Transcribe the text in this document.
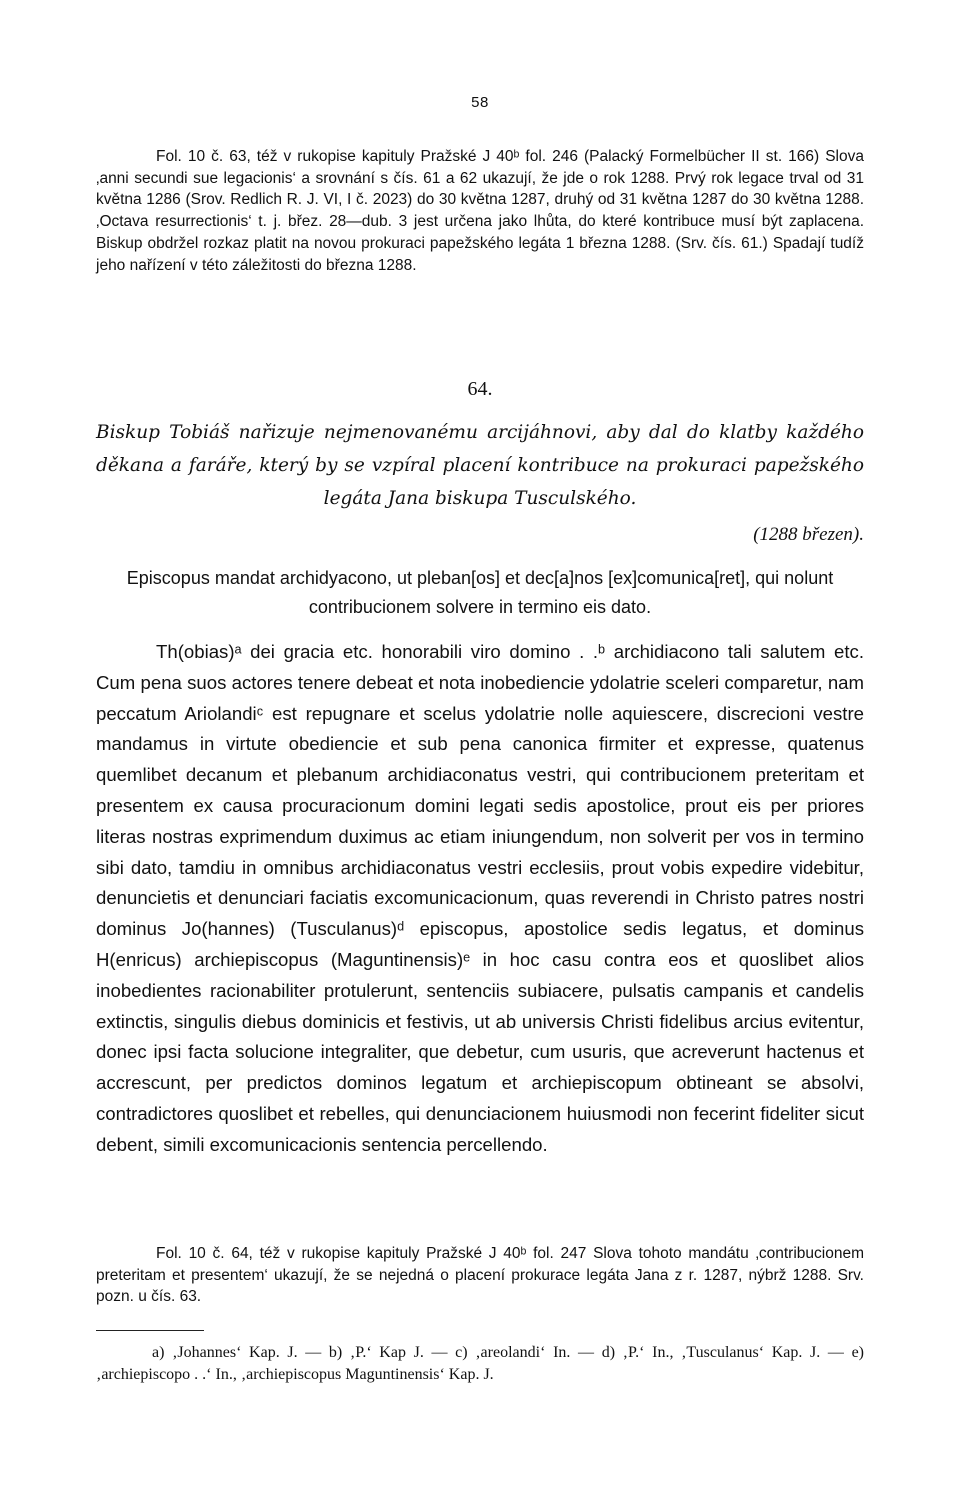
58

Fol. 10 č. 63, též v rukopise kapituly Pražské J 40ᵇ fol. 246 (Palacký Formelbücher II st. 166) Slova ‚anni secundi sue legacionis‘ a srovnání s čís. 61 a 62 ukazují, že jde o rok 1288. Prvý rok legace trval od 31 května 1286 (Srov. Redlich R. J. VI, I č. 2023) do 30 května 1287, druhý od 31 května 1287 do 30 května 1288. ‚Octava resurrectionis‘ t. j. břez. 28—dub. 3 jest určena jako lhůta, do které kontribuce musí být zaplacena. Biskup obdržel rozkaz platit na novou prokuraci papežského legáta 1 března 1288. (Srv. čís. 61.) Spadají tudíž jeho nařízení v této záležitosti do března 1288.

64.

Biskup Tobiáš nařizuje nejmenovanému arcijáhnovi, aby dal do klatby každého děkana a faráře, který by se vzpíral placení kontribuce na prokuraci papežského legáta Jana biskupa Tusculského.

(1288 březen).

Episcopus mandat archidyacono, ut pleban[os] et dec[a]nos [ex]comunica[ret], qui nolunt contribucionem solvere in termino eis dato.

Th(obias)ᵃ dei gracia etc. honorabili viro domino . .ᵇ archidiacono tali salutem etc. Cum pena suos actores tenere debeat et nota inobediencie ydolatrie sceleri comparetur, nam peccatum Ariolandiᶜ est repugnare et scelus ydolatrie nolle aquiescere, discrecioni vestre mandamus in virtute obediencie et sub pena canonica firmiter et expresse, quatenus quemlibet decanum et plebanum archidiaconatus vestri, qui contribucionem preteritam et presentem ex causa procuracionum domini legati sedis apostolice, prout eis per priores literas nostras exprimendum duximus ac etiam iniungendum, non solverit per vos in termino sibi dato, tamdiu in omnibus archidiaconatus vestri ecclesiis, prout vobis expedire videbitur, denuncietis et denunciari faciatis excomunicacionum, quas reverendi in Christo patres nostri dominus Jo(hannes) (Tusculanus)ᵈ episcopus, apostolice sedis legatus, et dominus H(enricus) archiepiscopus (Maguntinensis)ᵉ in hoc casu contra eos et quoslibet alios inobedientes racionabiliter protulerunt, sentenciis subiacere, pulsatis campanis et candelis extinctis, singulis diebus dominicis et festivis, ut ab universis Christi fidelibus arcius evitentur, donec ipsi facta solucione integraliter, que debetur, cum usuris, que acreverunt hactenus et accrescunt, per predictos dominos legatum et archiepiscopum obtineant se absolvi, contradictores quoslibet et rebelles, qui denunciacionem huiusmodi non fecerint fideliter sicut debent, simili excomunicacionis sentencia percellendo.

Fol. 10 č. 64, též v rukopise kapituly Pražské J 40ᵇ fol. 247 Slova tohoto mandátu ‚contribucionem preteritam et presentem‘ ukazují, že se nejedná o placení prokurace legáta Jana z r. 1287, nýbrž 1288. Srv. pozn. u čís. 63.

a) ‚Johannes‘ Kap. J. — b) ‚P.‘ Kap J. — c) ‚areolandi‘ In. — d) ‚P.‘ In., ‚Tusculanus‘ Kap. J. — e) ‚archiepiscopo . .‘ In., ‚archiepiscopus Maguntinensis‘ Kap. J.
